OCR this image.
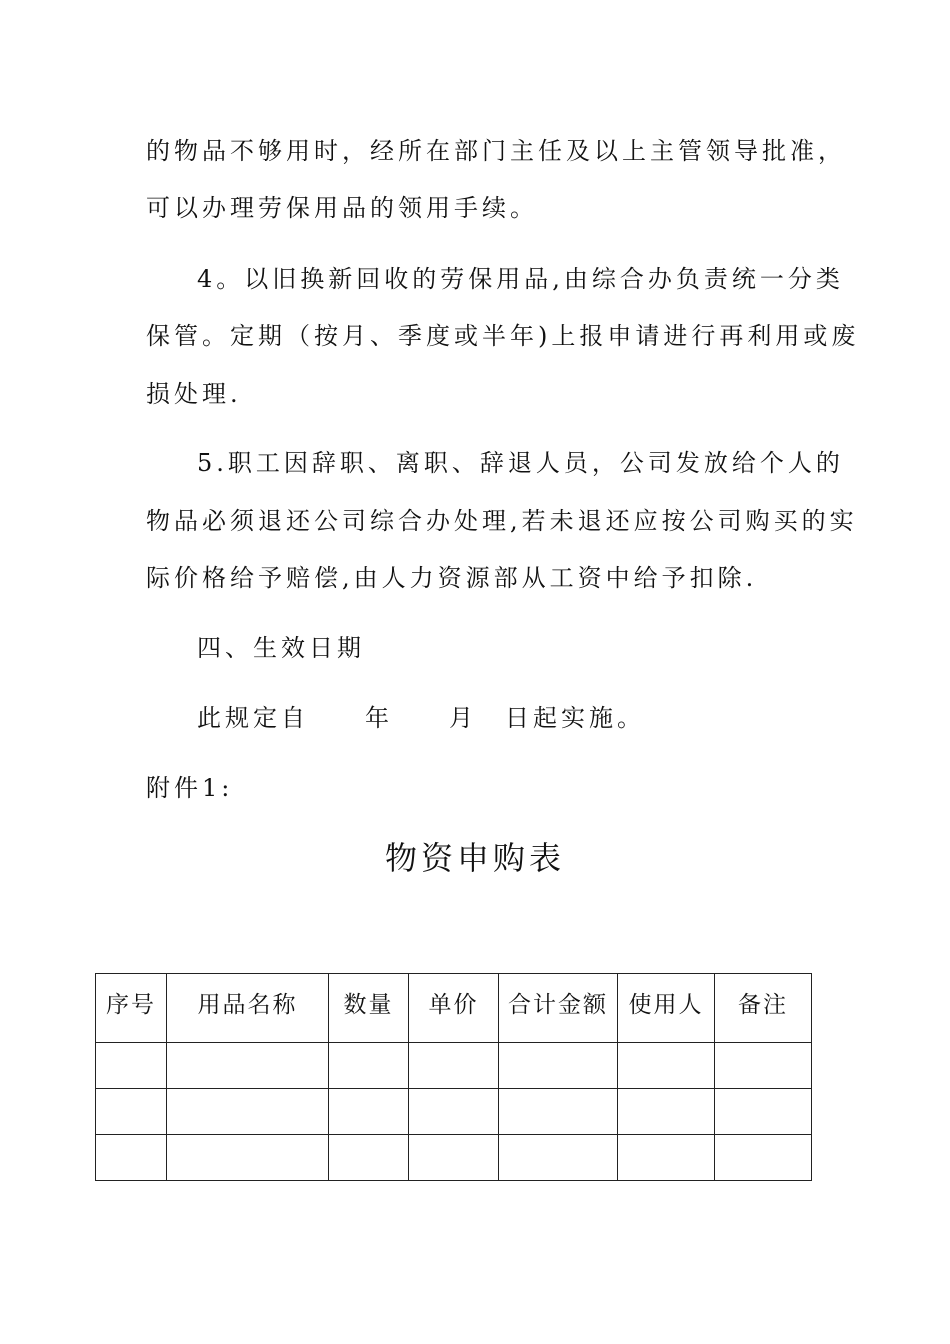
的物品不够用时，经所在部门主任及以上主管领导批准，
可以办理劳保用品的领用手续。
4。以旧换新回收的劳保用品,由综合办负责统一分类
保管。定期（按月、季度或半年)上报申请进行再利用或废
损处理.
5.职工因辞职、离职、辞退人员，公司发放给个人的
物品必须退还公司综合办处理,若未退还应按公司购买的实
际价格给予赔偿,由人力资源部从工资中给予扣除.
四、生效日期
此规定自　　年　　月　日起实施。
附件1:
物资申购表
序号	用品名称	数量	单价	合计金额	使用人	备注
